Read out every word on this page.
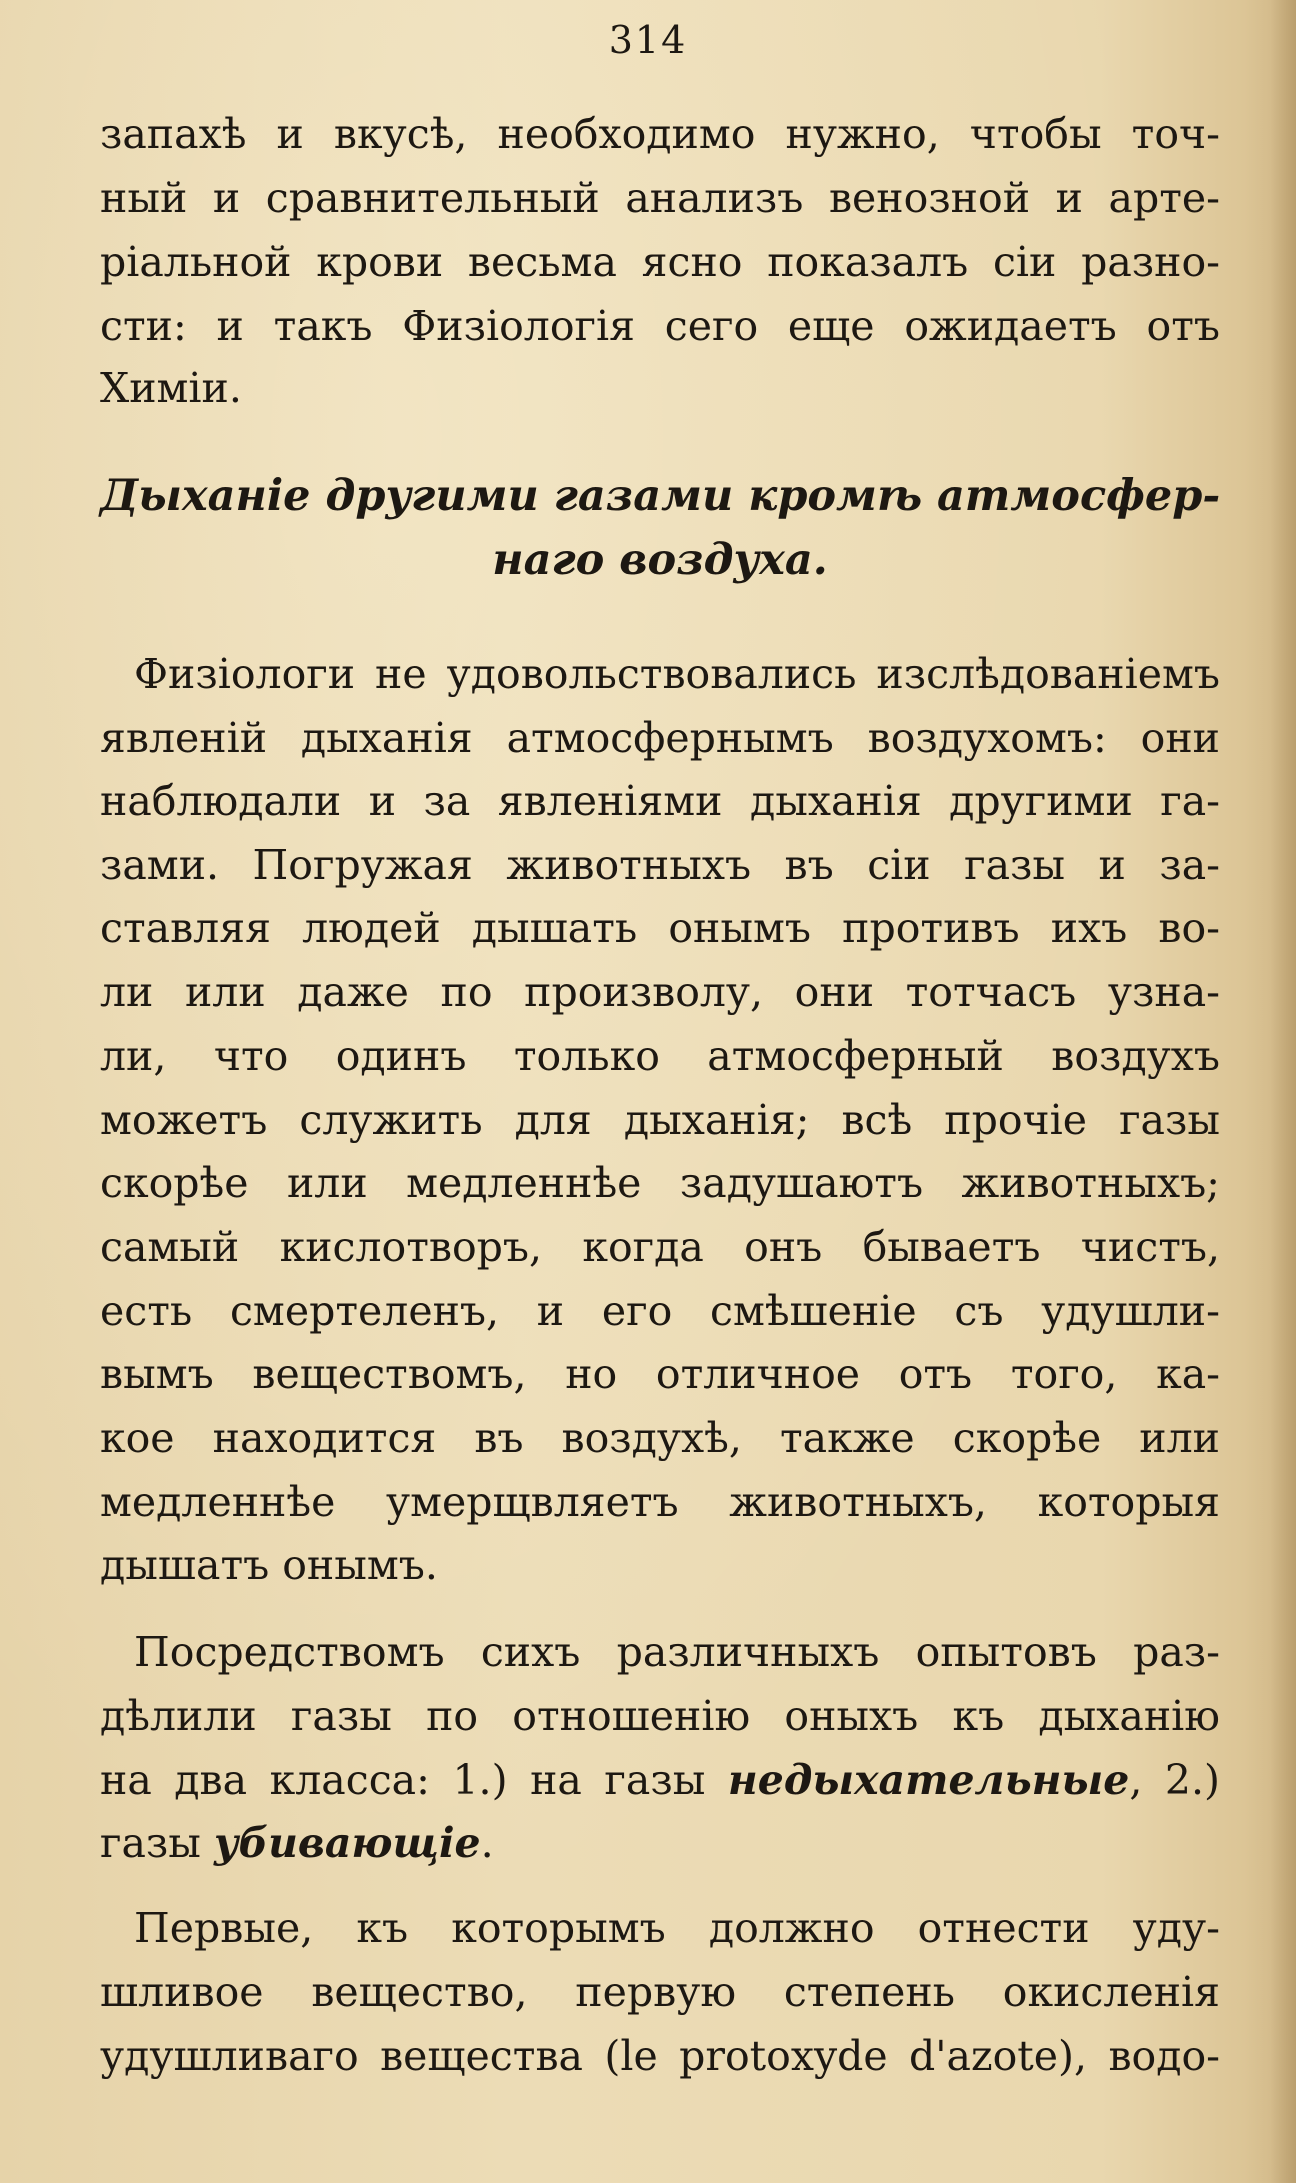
314
запахѣ и вкусѣ, необходимо нужно, чтобы точ-
ный и сравнительный анализъ венозной и арте-
ріальной крови весьма ясно показалъ сіи разно-
сти: и такъ Физіологія сего еще ожидаетъ отъ
Химіи.
Дыханіе другими газами кромѣ атмосфер-
наго воздуха.
Физіологи не удовольствовались изслѣдованіемъ
явленій дыханія атмосфернымъ воздухомъ: они
наблюдали и за явленіями дыханія другими га-
зами. Погружая животныхъ въ сіи газы и за-
ставляя людей дышать онымъ противъ ихъ во-
ли или даже по произволу, они тотчасъ узна-
ли, что одинъ только атмосферный воздухъ
можетъ служить для дыханія; всѣ прочіе газы
скорѣе или медленнѣе задушаютъ животныхъ;
самый кислотворъ, когда онъ бываетъ чистъ,
есть смертеленъ, и его смѣшеніе съ удушли-
вымъ веществомъ, но отличное отъ того, ка-
кое находится въ воздухѣ, также скорѣе или
медленнѣе умерщвляетъ животныхъ, которыя
дышатъ онымъ.
Посредствомъ сихъ различныхъ опытовъ раз-
дѣлили газы по отношенію оныхъ къ дыханію
на два класса: 1.) на газы недыхательные, 2.)
газы убивающіе.
Первые, къ которымъ должно отнести уду-
шливое вещество, первую степень окисленія
удушливаго вещества (le protoxyde d'azote), водо-
